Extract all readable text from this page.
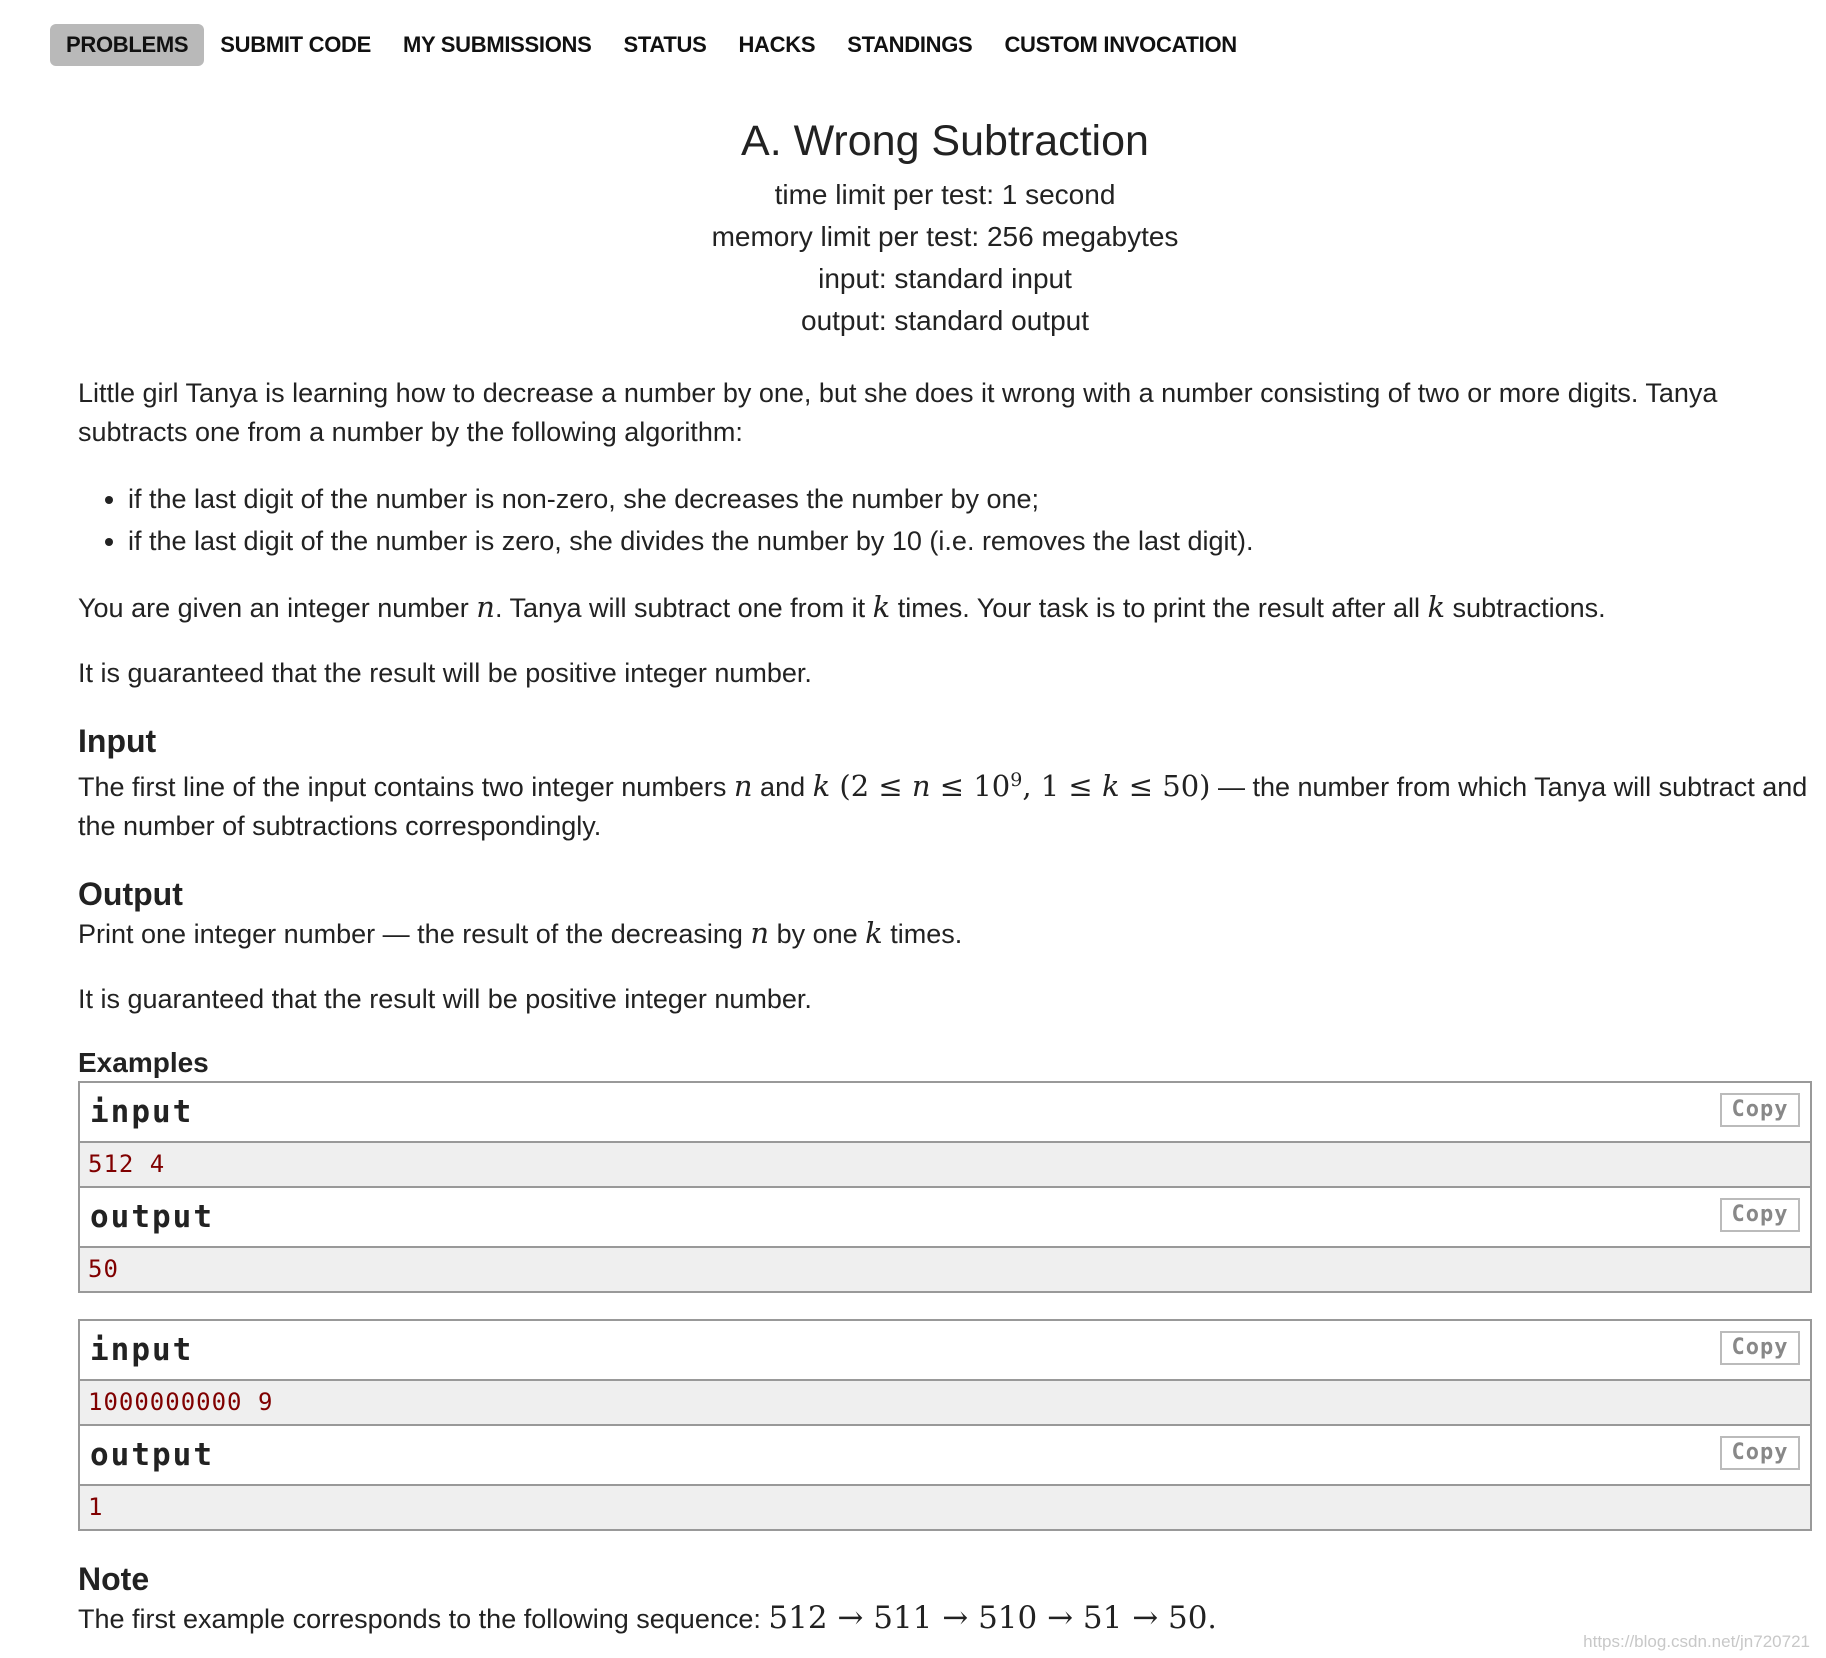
PROBLEMS	SUBMIT CODE	MY SUBMISSIONS	STATUS	HACKS	STANDINGS	CUSTOM INVOCATION
A. Wrong Subtraction
time limit per test: 1 second
memory limit per test: 256 megabytes
input: standard input
output: standard output

Little girl Tanya is learning how to decrease a number by one, but she does it wrong with a number consisting of two or more digits. Tanya subtracts one from a number by the following algorithm:

• if the last digit of the number is non-zero, she decreases the number by one;
• if the last digit of the number is zero, she divides the number by 10 (i.e. removes the last digit).

You are given an integer number n. Tanya will subtract one from it k times. Your task is to print the result after all k subtractions.

It is guaranteed that the result will be positive integer number.

Input

The first line of the input contains two integer numbers n and k ($2 \le n \le 10^9$, 1 ≤ k ≤ 50) — the number from which Tanya will subtract and the number of subtractions correspondingly.

Output

Print one integer number — the result of the decreasing n by one k times.

It is guaranteed that the result will be positive integer number.

Examples
input	Copy
512 4
output	Copy
50
input	Copy
1000000000 9
output	Copy
1
Note

The first example corresponds to the following sequence: 512 → 511 → 510 → 51 → 50.

https://blog.csdn.net/jn720721
